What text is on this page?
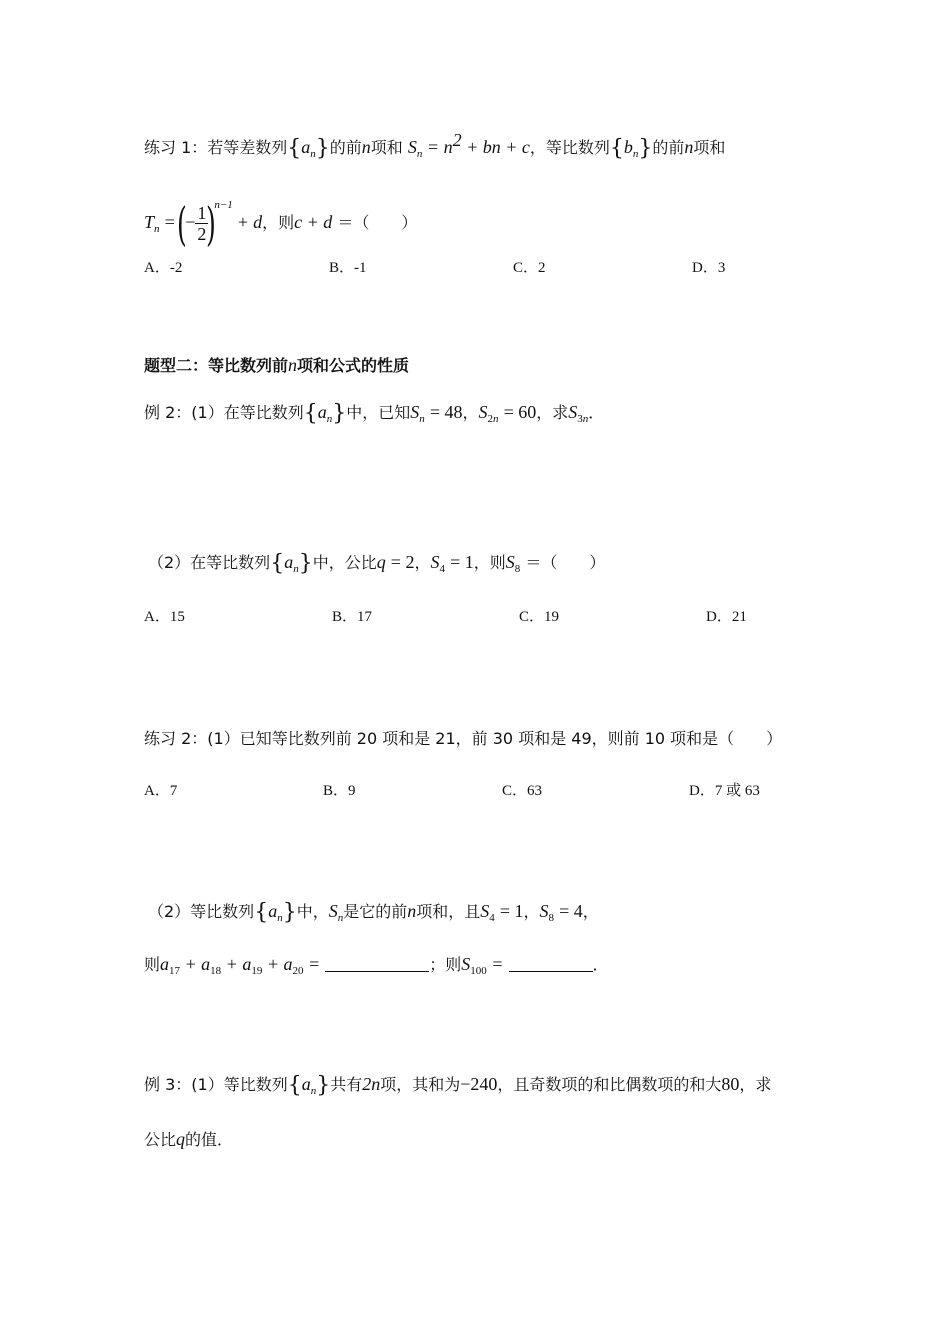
练习 1：若等差数列$\{a_n\}$的前n项和 $S_n = n^2$ + bn + c，等比数列$\{b_n\}$的前n项和
$T_n$ = (− $\frac{1}{2}$
)$^{n-1}$ + d，则c + d ＝（　　）
A．-2	B．-1	C．2	D．3
题型二：等比数列前n项和公式的性质
例 2：(1）在等比数列$\{a_n\}$中，已知$S_n = 48$，$S_{2n} = 60$，求$S_{3n}$．
（2）在等比数列$\{a_n\}$中，公比q = 2，$S_4 = 1$，则$S_8$ ＝（　　）
A．15	B．17	C．19	D．21
练习 2：(1）已知等比数列前 20 项和是 21，前 30 项和是 49，则前 10 项和是（　　）
A．7	B．9	C．63	D．7 或 63
（2）等比数列$\{a_n\}$中，$S_n$是它的前n项和，且$S_4 = 1$，$S_8 = 4$，
则$a_{17} + a_{18} + a_{19} + a_{20}$ =	；则$S_{100}$ =	．
例 3：(1）等比数列$\{a_n\}$共有2n项，其和为−240，且奇数项的和比偶数项的和大80，求
公比q的值．
